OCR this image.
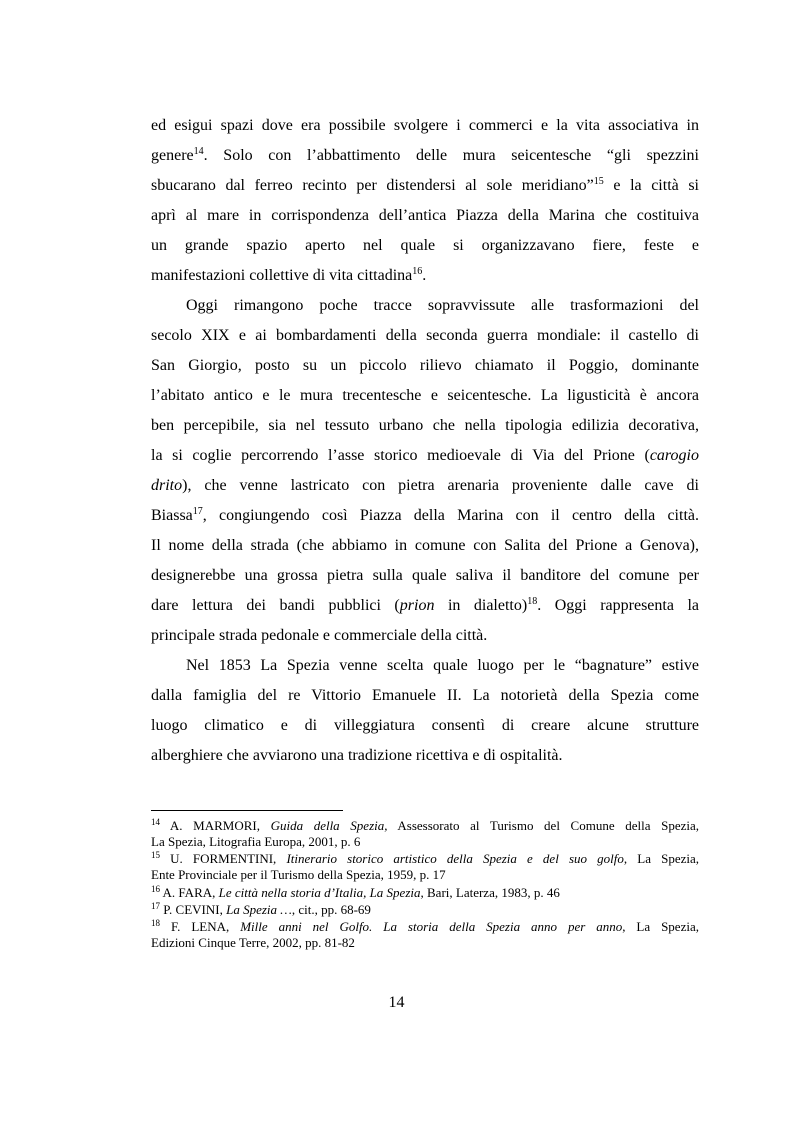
ed esigui spazi dove era possibile svolgere i commerci e la vita associativa in
genere$^{14}$. Solo con l’abbattimento delle mura seicentesche “gli spezzini
sbucarano dal ferreo recinto per distendersi al sole meridiano”$^{15}$ e la città si
aprì al mare in corrispondenza dell’antica Piazza della Marina che costituiva
un grande spazio aperto nel quale si organizzavano fiere, feste e
manifestazioni collettive di vita cittadina$^{16}$.
Oggi rimangono poche tracce sopravvissute alle trasformazioni del
secolo XIX e ai bombardamenti della seconda guerra mondiale: il castello di
San Giorgio, posto su un piccolo rilievo chiamato il Poggio, dominante
l’abitato antico e le mura trecentesche e seicentesche. La ligusticità è ancora
ben percepibile, sia nel tessuto urbano che nella tipologia edilizia decorativa,
la si coglie percorrendo l’asse storico medioevale di Via del Prione (carogio
drito), che venne lastricato con pietra arenaria proveniente dalle cave di
Biassa$^{17}$, congiungendo così Piazza della Marina con il centro della città.
Il nome della strada (che abbiamo in comune con Salita del Prione a Genova),
designerebbe una grossa pietra sulla quale saliva il banditore del comune per
dare lettura dei bandi pubblici (prion in dialetto)$^{18}$. Oggi rappresenta la
principale strada pedonale e commerciale della città.
Nel 1853 La Spezia venne scelta quale luogo per le “bagnature” estive
dalla famiglia del re Vittorio Emanuele II. La notorietà della Spezia come
luogo climatico e di villeggiatura consentì di creare alcune strutture
alberghiere che avviarono una tradizione ricettiva e di ospitalità.
$^{14}$ A. MARMORI, Guida della Spezia, Assessorato al Turismo del Comune della Spezia,
La Spezia, Litografia Europa, 2001, p. 6
$^{15}$ U. FORMENTINI, Itinerario storico artistico della Spezia e del suo golfo, La Spezia,
Ente Provinciale per il Turismo della Spezia, 1959, p. 17
$^{16}$ A. FARA, Le città nella storia d’Italia, La Spezia, Bari, Laterza, 1983, p. 46
$^{17}$ P. CEVINI, La Spezia …, cit., pp. 68-69
$^{18}$ F. LENA, Mille anni nel Golfo. La storia della Spezia anno per anno, La Spezia,
Edizioni Cinque Terre, 2002, pp. 81-82
14
